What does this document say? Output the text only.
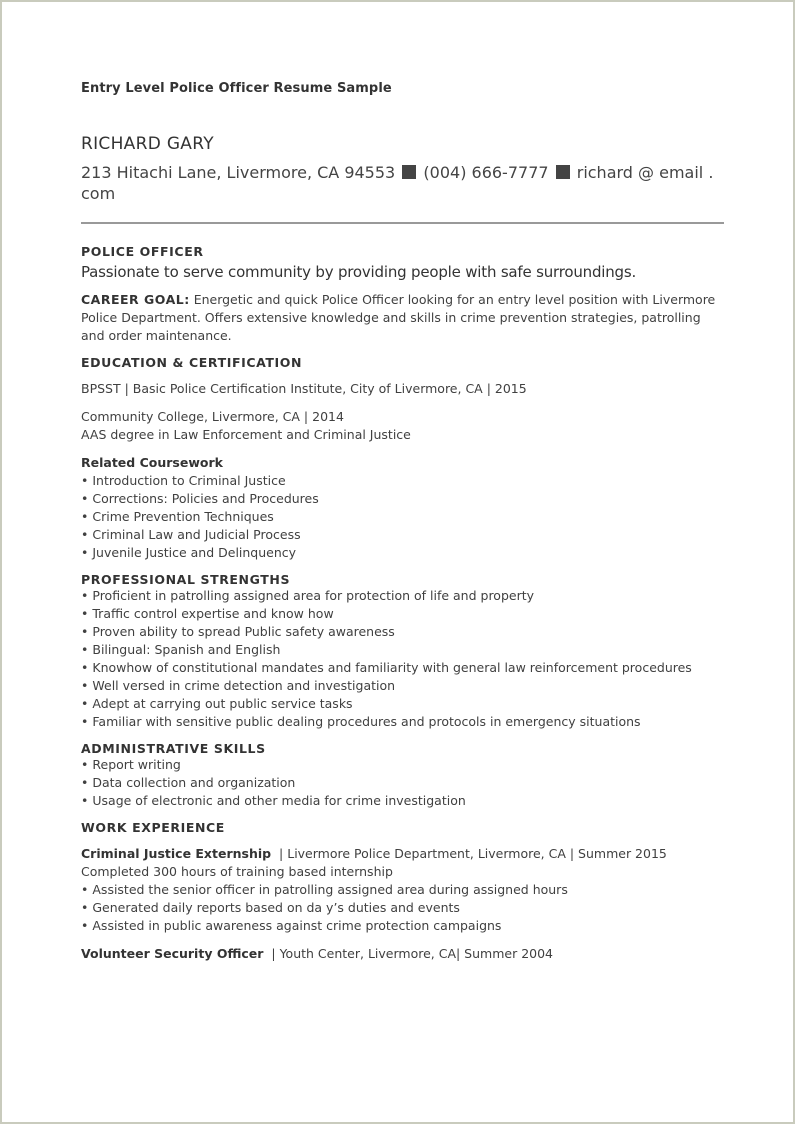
Entry Level Police Officer Resume Sample
RICHARD GARY
213 Hitachi Lane, Livermore, CA 94553 (004) 666-7777 richard @ email .
com
POLICE OFFICER
Passionate to serve community by providing people with safe surroundings.
CAREER GOAL: Energetic and quick Police Officer looking for an entry level position with Livermore Police Department. Offers extensive knowledge and skills in crime prevention strategies, patrolling and order maintenance.
EDUCATION & CERTIFICATION
BPSST | Basic Police Certification Institute, City of Livermore, CA | 2015
Community College, Livermore, CA | 2014
AAS degree in Law Enforcement and Criminal Justice
Related Coursework
• Introduction to Criminal Justice
• Corrections: Policies and Procedures
• Crime Prevention Techniques
• Criminal Law and Judicial Process
• Juvenile Justice and Delinquency
PROFESSIONAL STRENGTHS
• Proficient in patrolling assigned area for protection of life and property
• Traffic control expertise and know how
• Proven ability to spread Public safety awareness
• Bilingual: Spanish and English
• Knowhow of constitutional mandates and familiarity with general law reinforcement procedures
• Well versed in crime detection and investigation
• Adept at carrying out public service tasks
• Familiar with sensitive public dealing procedures and protocols in emergency situations
ADMINISTRATIVE SKILLS
• Report writing
• Data collection and organization
• Usage of electronic and other media for crime investigation
WORK EXPERIENCE
Criminal Justice Externship  | Livermore Police Department, Livermore, CA | Summer 2015
Completed 300 hours of training based internship
• Assisted the senior officer in patrolling assigned area during assigned hours
• Generated daily reports based on da y’s duties and events
• Assisted in public awareness against crime protection campaigns
Volunteer Security Officer  | Youth Center, Livermore, CA| Summer 2004
